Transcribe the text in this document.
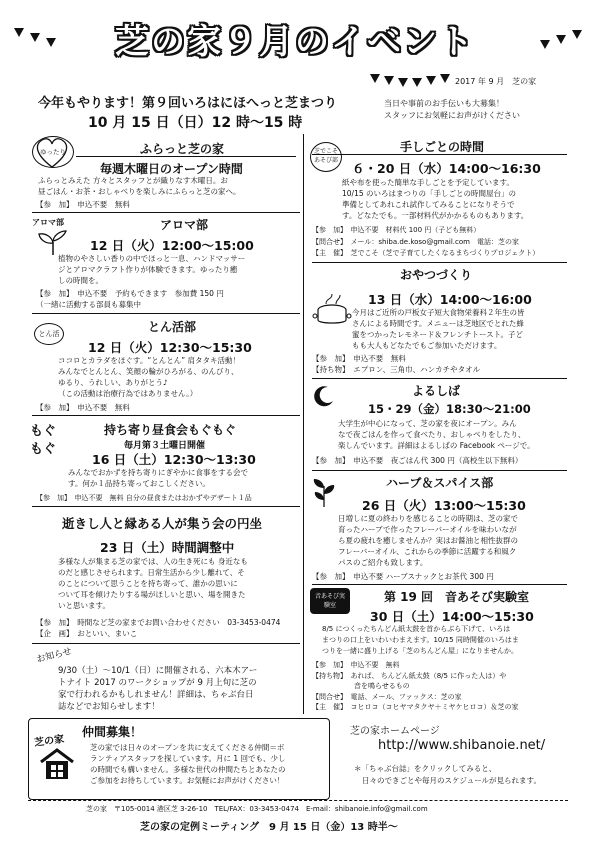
芝の家９月のイベント
2017 年 9 月　芝の家
今年もやります！第９回いろはにほへっと芝まつり
10 月 15 日（日）12 時～15 時
当日や事前のお手伝いも大募集！
スタッフにお気軽にお声がけください
ゆったり	ふらっと芝の家
毎週木曜日のオープン時間
ふらっとみえた 方々とスタッフとが織りなす木曜日。お
昼ごはん・お茶・おしゃべりを楽しみにふらっと芝の家へ。
【参　加】　申込不要　無料
アロマ部	アロマ部
12 日（火）12:00～15:00
植物のやさしい香りの中でほっと一息、ハンドマッサー
ジとアロマクラフト作りが体験できます。ゆったり癒
しの時間を。
【参　加】　申込不要　予約もできます　参加費 150 円
（一緒に活動する部員も募集中
とん活	とん活部
12 日（火）12:30～15:30
ココロとカラダをほぐす。“とんとん” 肩タタキ活動！
みんなでとんとん、笑顔の輪がひろがる、のんびり、
ゆるり、うれしい、ありがとう♪
（この活動は治療行為ではありません。）
【参　加】　申込不要　無料
もぐもぐ
持ち寄り昼食会もぐもぐ
毎月第３土曜日開催
16 日（土）12:30～13:30
みんなでおかずを持ち寄りにぎやかに食事をする会で
す。何か１品持ち寄っておこしください。
【参　加】　申込不要　無料 自分の昼食またはおかずやデザート１品
逝きし人と縁ある人が集う会の円坐
23 日（土）時間調整中
多様な人が集まる芝の家では、人の生き死にも 身近なも
のだと感じさせられます。日常生活から少し離れて、そ
のことについて思うことを持ち寄って、誰かの思いに
ついて耳を傾けたりする場がほしいと思い、場を開きた
いと思います。
【参　加】　時間など芝の家までお問い合わせください　03-3453-0474
【企　画】　おといい、まいこ
お知らせ
9/30（土）～10/1（日）に開催される、六本木アー
トナイト 2017 のワークショップが 9 月上旬に芝の
家で行われるかもしれません！詳細は、ちゃぶ台日
誌などでお知らせします！
芝でこそ あそび部
手しごとの時間
６・20 日（水）14:00～16:30
紙や布を使った簡単な手しごとを予定しています。
10/15 のいろはまつりの「手しごとの時間屋台」の
準備としてあれこれ試作してみることになりそうで
す。どなたでも。一部材料代がかかるものもあります。
【参　加】　申込不要　材料代 100 円（子ども無料）
【問合せ】　メール：shiba.de.koso@gmail.com　電話：芝の家
【主　催】　芝でこそ（芝で子育てしたくなるまちづくりプロジェクト）
おやつづくり
13 日（水）14:00～16:00
今月はご近所の戸板女子短大食物栄養科２年生の皆
さんによる時間です。メニューは芝地区でとれた蜂
蜜をつかったレモネード＆フレンチトースト。子ど
もも大人もどなたでもご参加いただけます。
【参　加】　申込不要　無料
【持ち物】　エプロン、三角巾、ハンカチやタオル
よるしば
15・29（金）18:30～21:00
大学生が中心になって、芝の家を夜にオープン。みん
なで夜ごはんを作って食べたり、おしゃべりをしたり、
楽しんでいます。詳細はよるしばの Facebook ページで。
【参　加】　申込不要　夜ごはん代 300 円（高校生以下無料）
ハーブ＆スパイス部
26 日（火）13:00～15:30
日増しに夏の終わりを感じることの時期は、芝の家で
育ったハーブで作ったフレーバーオイルを味わいなが
ら夏の疲れを癒しませんか？実はお醤油と相性抜群の
フレーバーオイル、これからの季節に活躍する和風ク
パスのご紹介も致します。
【参　加】　申込不要 ハーブスナックとお茶代 300 円
音あそび実験室
第 19 回　音あそび実験室
30 日（土）14:00～15:30
8/5 につくったちんどん紙太鼓を首からぶら下げて、いろは
まつりの口上をいわいわまえます。10/15 同時開催のいろはま
つりを一緒に盛り上げる「芝のちんどん屋」になりませんか。
【参　加】　申込不要　無料
【持ち物】　あれば、 ちんどん紙太鼓（8/5 に作った人は）や
　　　　　　音を鳴らせるもの
【問合せ】　電話、メール、ファックス：芝の家
【主　催】　コヒロコ（コヒヤマタクヤ＋ミヤケヒロコ）＆芝の家
芝の家
仲間募集！
芝の家では日々のオープンを共に支えてくださる仲間＝ボ
ランティアスタッフを探しています。月に 1 回でも、少し
の時間でも構いません。多様な世代の仲間たちとあなたの
ご参加をお待ちしています。お気軽にお声がけください！
芝の家ホームページ
http://www.shibanoie.net/
＊「ちゃぶ台誌」をクリックしてみると、
日々のできごとや毎月のスケジュールが見られます。
芝の家　〒105-0014 港区芝 3-26-10　TEL/FAX：03-3453-0474　E-mail：shibanoie.info@gmail.com
芝の家の定例ミーティング　9 月 15 日（金）13 時半～
